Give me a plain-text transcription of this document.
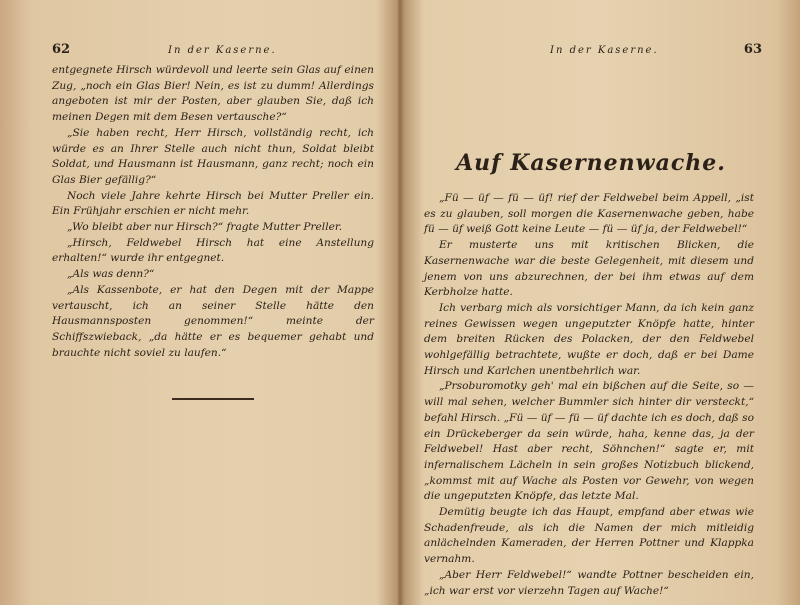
62	In der Kaserne.

entgegnete Hirsch würdevoll und leerte sein Glas auf einen Zug, „noch ein Glas Bier! Nein, es ist zu dumm! Allerdings angeboten ist mir der Posten, aber glauben Sie, daß ich meinen Degen mit dem Besen vertausche?“

„Sie haben recht, Herr Hirsch, vollständig recht, ich würde es an Ihrer Stelle auch nicht thun, Soldat bleibt Soldat, und Hausmann ist Hausmann, ganz recht; noch ein Glas Bier gefällig?“

Noch viele Jahre kehrte Hirsch bei Mutter Preller ein. Ein Frühjahr erschien er nicht mehr.

„Wo bleibt aber nur Hirsch?“ fragte Mutter Preller.

„Hirsch, Feldwebel Hirsch hat eine Anstellung erhalten!“ wurde ihr entgegnet.

„Als was denn?“

„Als Kassenbote, er hat den Degen mit der Mappe vertauscht, ich an seiner Stelle hätte den Hausmannsposten genommen!“ meinte der Schiffszwieback, „da hätte er es bequemer gehabt und brauchte nicht soviel zu laufen.“

In der Kaserne.	63
Auf Kasernenwache.

„Fü — üf — fü — üf! rief der Feldwebel beim Appell, „ist es zu glauben, soll morgen die Kasernenwache geben, habe fü — üf weiß Gott keine Leute — fü — üf ja, der Feldwebel!“

Er musterte uns mit kritischen Blicken, die Kasernenwache war die beste Gelegenheit, mit diesem und jenem von uns abzurechnen, der bei ihm etwas auf dem Kerbholze hatte.

Ich verbarg mich als vorsichtiger Mann, da ich kein ganz reines Gewissen wegen ungeputzter Knöpfe hatte, hinter dem breiten Rücken des Polacken, der den Feldwebel wohlgefällig betrachtete, wußte er doch, daß er bei Dame Hirsch und Karlchen unentbehrlich war.

„Prsoburomotky geh' mal ein bißchen auf die Seite, so — will mal sehen, welcher Bummler sich hinter dir versteckt,“ befahl Hirsch. „Fü — üf — fü — üf dachte ich es doch, daß so ein Drückeberger da sein würde, haha, kenne das, ja der Feldwebel! Hast aber recht, Söhnchen!“ sagte er, mit infernalischem Lächeln in sein großes Notizbuch blickend, „kommst mit auf Wache als Posten vor Gewehr, von wegen die ungeputzten Knöpfe, das letzte Mal.

Demütig beugte ich das Haupt, empfand aber etwas wie Schadenfreude, als ich die Namen der mich mitleidig anlächelnden Kameraden, der Herren Pottner und Klappka vernahm.

„Aber Herr Feldwebel!“ wandte Pottner bescheiden ein, „ich war erst vor vierzehn Tagen auf Wache!“
